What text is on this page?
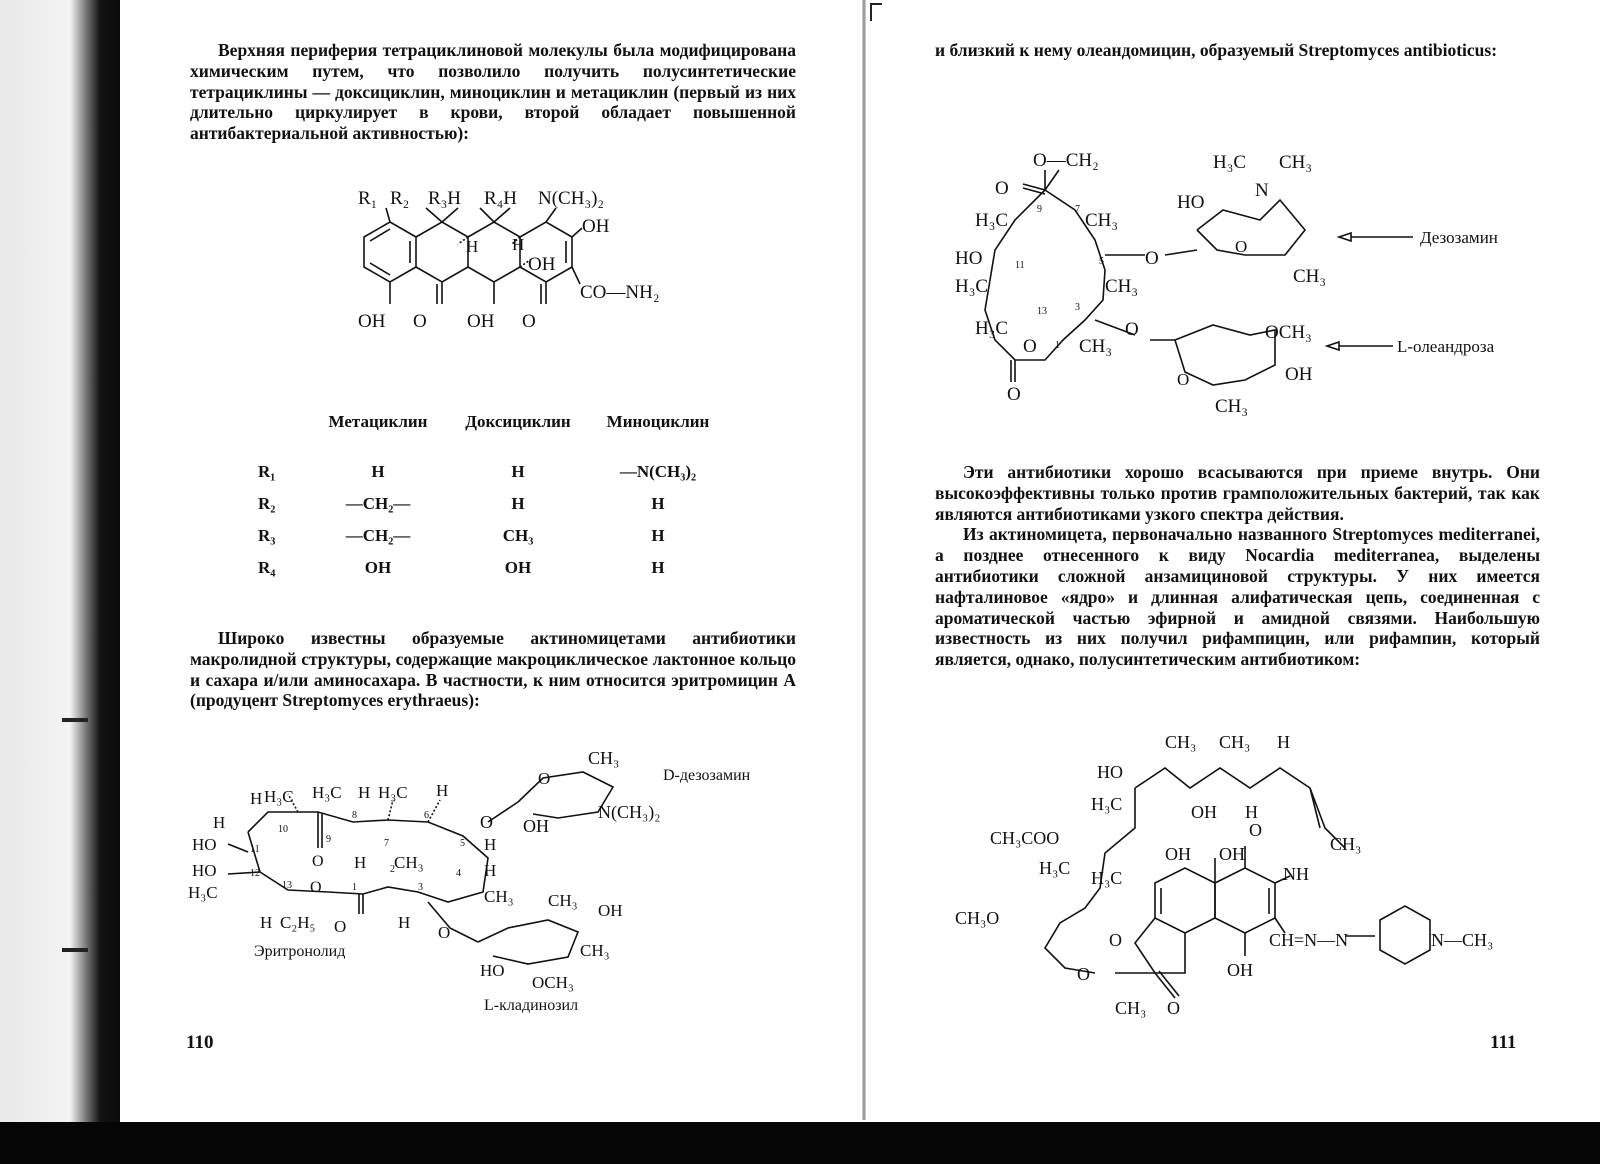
Верхняя периферия тетрациклиновой молекулы была модифицирована химическим путем, что позволило получить полусинтетические тетрациклины — доксициклин, миноциклин и метациклин (первый из них длительно циркулирует в крови, второй обладает повышенной антибактериальной активностью):

R₁ R₂ R₃H R₄H N(CH₃)₂
OH
H H
OH
CO—NH₂
OH O OH O
	Метациклин	Доксициклин	Миноциклин

R₁	H	H	—N(CH₃)₂
R₂	—CH₂—	H	H
R₃	—CH₂—	CH₃	H
R₄	OH	OH	H

Широко известны образуемые актиномицетами антибиотики макролидной структуры, содержащие макроциклическое лактонное кольцо и сахара и/или аминосахара. В частности, к ним относится эритромицин А (продуцент Streptomyces erythraeus):

CH₃
D-дезозамин
O
N(CH₃)₂
OH
O
H H₃C H₃C H H₃C H
H
HO
HO
H₃C
H C₂H₅
O
O
O
H CH₃
H
H
CH₃
H
O
CH₃
OH
CH₃
HO
OCH₃
Эритронолид
L-кладинозил
10
8	6
11
9	7	5
12
13
2	4
3
1
110

и близкий к нему олеандомицин, образуемый Streptomyces antibioticus:

O—CH₂	H₃C CH₃
N
HO
O
H₃C	CH₃
HO	O
O
CH₃
Дезозамин
H₃C	CH₃
H₃C	O	OCH₃
L-олеандроза
O CH₃
O	OH
CH₃
O
9	7
11	5
13	3
1

Эти антибиотики хорошо всасываются при приеме внутрь. Они высокоэффективны только против грамположительных бактерий, так как являются антибиотиками узкого спектра действия.

Из актиномицета, первоначально названного Streptomyces mediterranei, а позднее отнесенного к виду Nocardia mediterranea, выделены антибиотики сложной анзамициновой структуры. У них имеется нафталиновое «ядро» и длинная алифатическая цепь, соединенная с ароматической частью эфирной и амидной связями. Наибольшую известность из них получил рифампицин, или рифампин, который является, однако, полусинтетическим антибиотиком:

CH₃ CH₃ H
HO
H₃C	OH H
O
CH₃
CH₃COO
OH OH
H₃C H₃C	NH
CH₃O
O	CH=N—N	N—CH₃
OH
O
CH₃ O
111
